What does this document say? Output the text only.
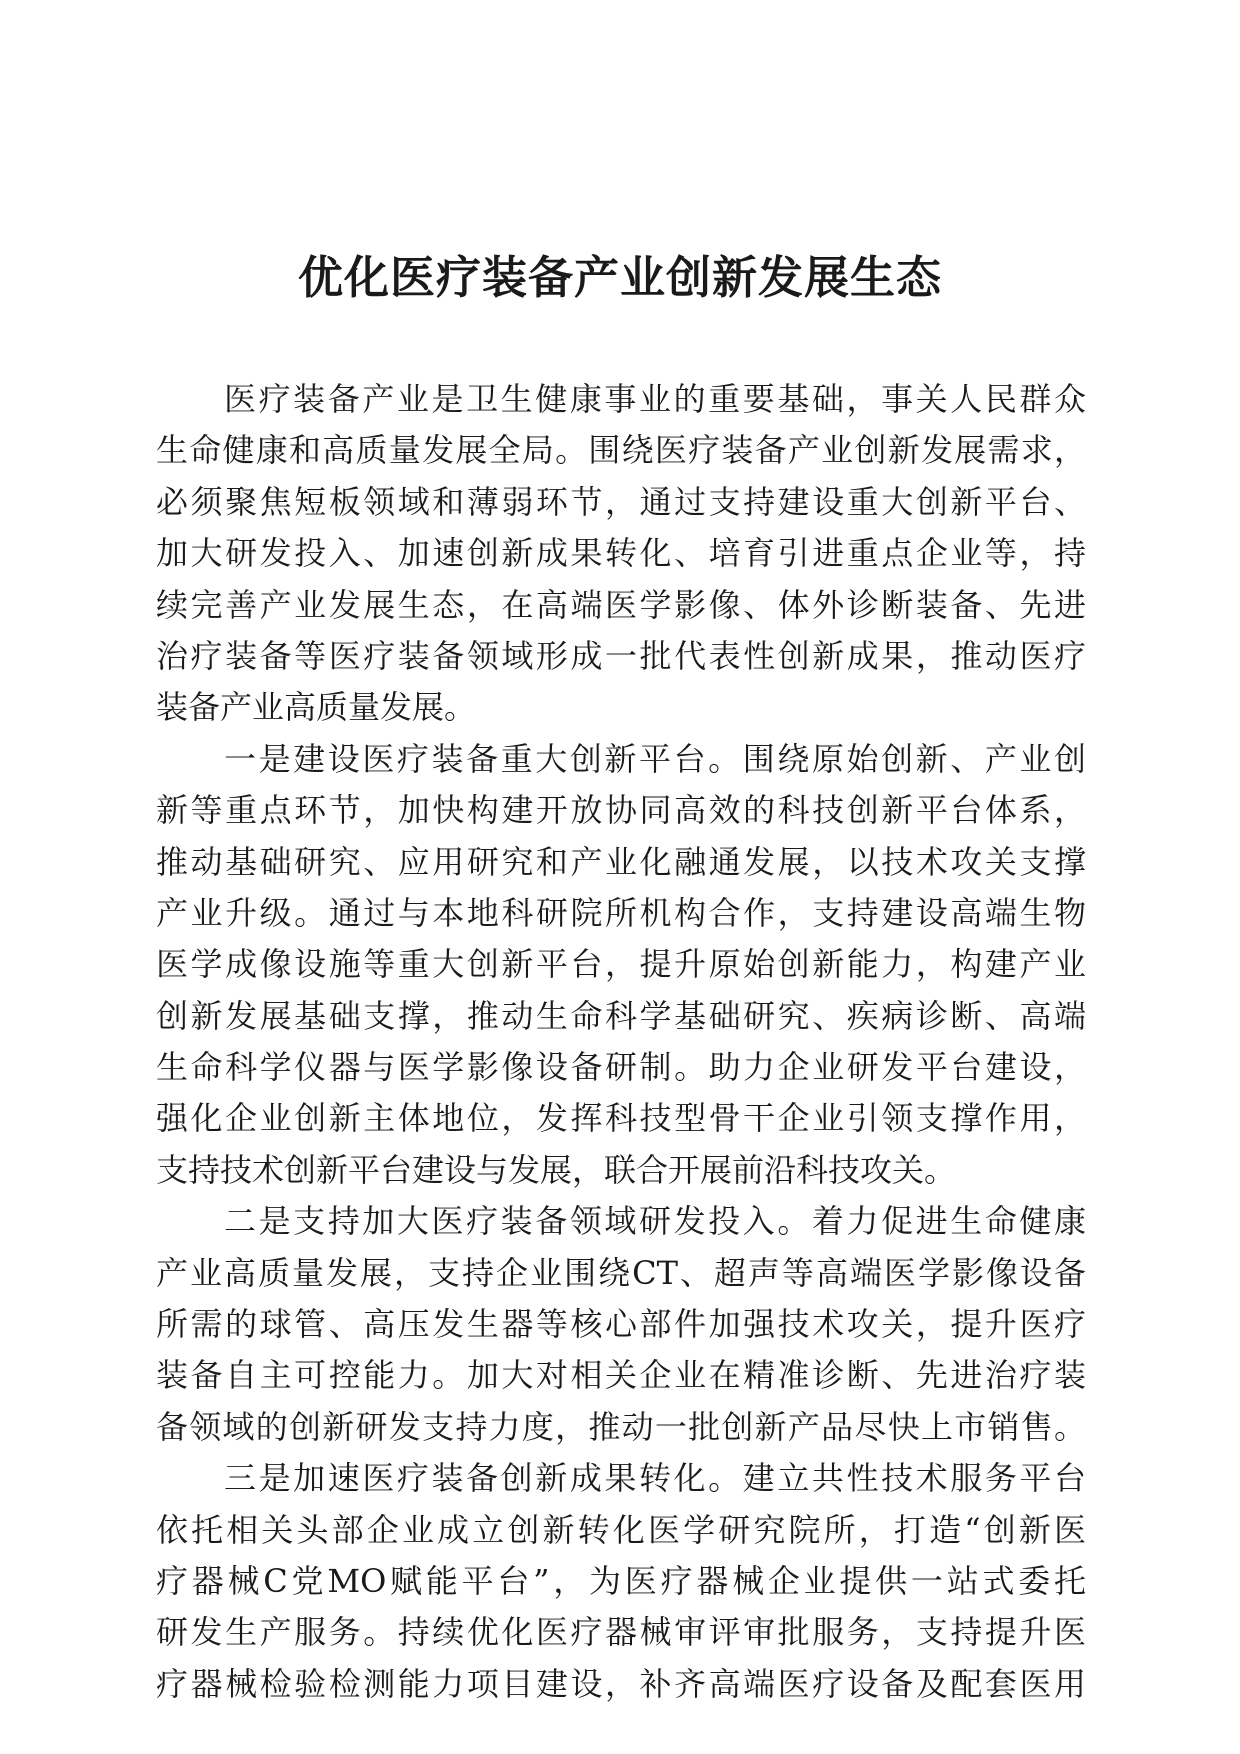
优化医疗装备产业创新发展生态
医疗装备产业是卫生健康事业的重要基础，事关人民群众
生命健康和高质量发展全局。围绕医疗装备产业创新发展需求，
必须聚焦短板领域和薄弱环节，通过支持建设重大创新平台、
加大研发投入、加速创新成果转化、培育引进重点企业等，持
续完善产业发展生态，在高端医学影像、体外诊断装备、先进
治疗装备等医疗装备领域形成一批代表性创新成果，推动医疗
装备产业高质量发展。
一是建设医疗装备重大创新平台。围绕原始创新、产业创
新等重点环节，加快构建开放协同高效的科技创新平台体系，
推动基础研究、应用研究和产业化融通发展，以技术攻关支撑
产业升级。通过与本地科研院所机构合作，支持建设高端生物
医学成像设施等重大创新平台，提升原始创新能力，构建产业
创新发展基础支撑，推动生命科学基础研究、疾病诊断、高端
生命科学仪器与医学影像设备研制。助力企业研发平台建设，
强化企业创新主体地位，发挥科技型骨干企业引领支撑作用，
支持技术创新平台建设与发展，联合开展前沿科技攻关。
二是支持加大医疗装备领域研发投入。着力促进生命健康
产业高质量发展，支持企业围绕CT、超声等高端医学影像设备
所需的球管、高压发生器等核心部件加强技术攻关，提升医疗
装备自主可控能力。加大对相关企业在精准诊断、先进治疗装
备领域的创新研发支持力度，推动一批创新产品尽快上市销售。
三是加速医疗装备创新成果转化。建立共性技术服务平台
依托相关头部企业成立创新转化医学研究院所，打造“创新医
疗器械C党MO赋能平台”，为医疗器械企业提供一站式委托
研发生产服务。持续优化医疗器械审评审批服务，支持提升医
疗器械检验检测能力项目建设，补齐高端医疗设备及配套医用
